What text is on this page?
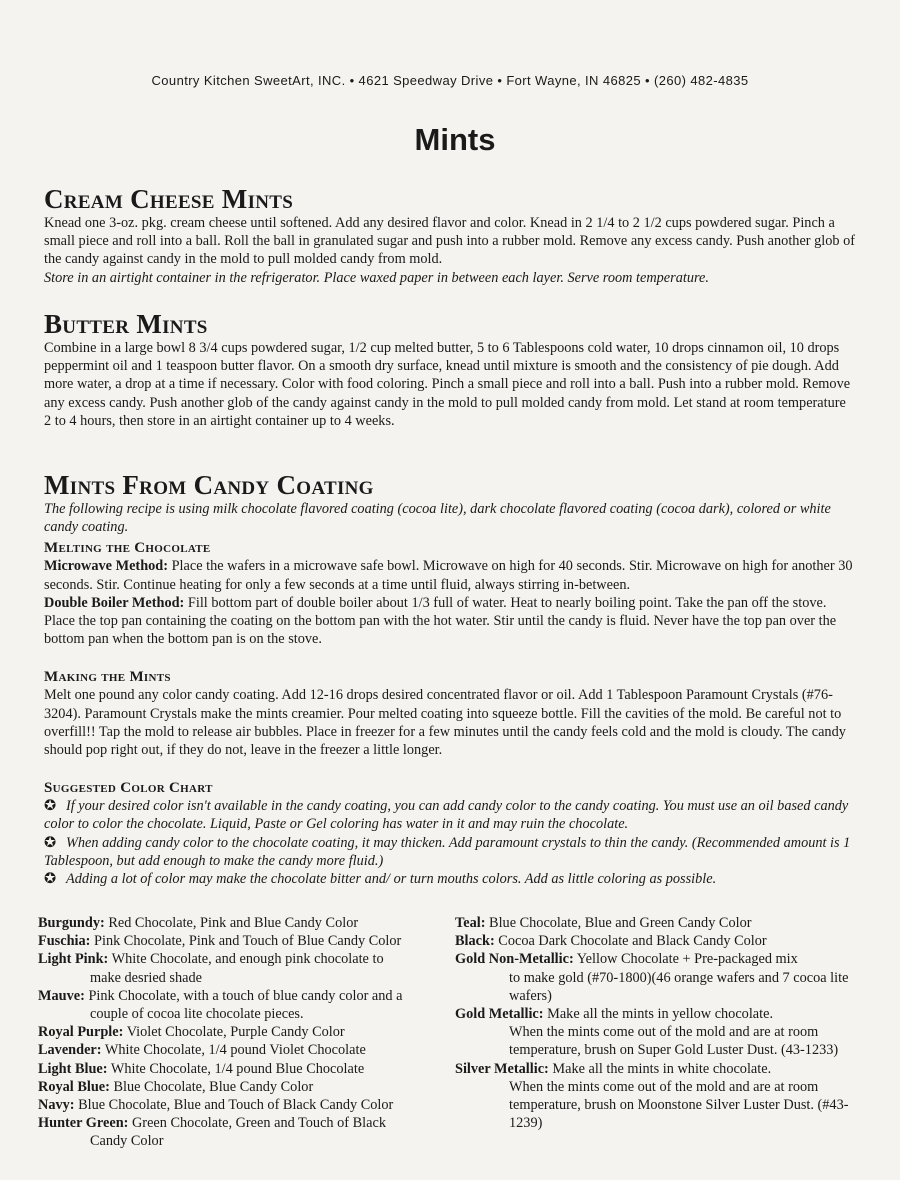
Country Kitchen SweetArt, INC. • 4621 Speedway Drive • Fort Wayne, IN 46825 • (260) 482-4835
Mints
Cream Cheese Mints

Knead one 3-oz. pkg. cream cheese until softened. Add any desired flavor and color. Knead in 2 1/4 to 2 1/2 cups powdered sugar. Pinch a small piece and roll into a ball. Roll the ball in granulated sugar and push into a rubber mold. Remove any excess candy. Push another glob of the candy against candy in the mold to pull molded candy from mold.

Store in an airtight container in the refrigerator. Place waxed paper in between each layer. Serve room temperature.

Butter Mints

Combine in a large bowl 8 3/4 cups powdered sugar, 1/2 cup melted butter, 5 to 6 Tablespoons cold water, 10 drops cinnamon oil, 10 drops peppermint oil and 1 teaspoon butter flavor. On a smooth dry surface, knead until mixture is smooth and the consistency of pie dough. Add more water, a drop at a time if necessary. Color with food coloring. Pinch a small piece and roll into a ball. Push into a rubber mold. Remove any excess candy. Push another glob of the candy against candy in the mold to pull molded candy from mold. Let stand at room temperature 2 to 4 hours, then store in an airtight container up to 4 weeks.

Mints From Candy Coating

The following recipe is using milk chocolate flavored coating (cocoa lite), dark chocolate flavored coating (cocoa dark), colored or white candy coating.

Melting the Chocolate

Microwave Method: Place the wafers in a microwave safe bowl. Microwave on high for 40 seconds. Stir. Microwave on high for another 30 seconds. Stir. Continue heating for only a few seconds at a time until fluid, always stirring in-between.

Double Boiler Method: Fill bottom part of double boiler about 1/3 full of water. Heat to nearly boiling point. Take the pan off the stove. Place the top pan containing the coating on the bottom pan with the hot water. Stir until the candy is fluid. Never have the top pan over the bottom pan when the bottom pan is on the stove.

Making the Mints

Melt one pound any color candy coating. Add 12-16 drops desired concentrated flavor or oil. Add 1 Tablespoon Paramount Crystals (#76-3204). Paramount Crystals make the mints creamier. Pour melted coating into squeeze bottle. Fill the cavities of the mold. Be careful not to overfill!! Tap the mold to release air bubbles. Place in freezer for a few minutes until the candy feels cold and the mold is cloudy. The candy should pop right out, if they do not, leave in the freezer a little longer.

Suggested Color Chart

✪ If your desired color isn't available in the candy coating, you can add candy color to the candy coating. You must use an oil based candy color to color the chocolate. Liquid, Paste or Gel coloring has water in it and may ruin the chocolate.

✪ When adding candy color to the chocolate coating, it may thicken. Add paramount crystals to thin the candy. (Recommended amount is 1 Tablespoon, but add enough to make the candy more fluid.)

✪ Adding a lot of color may make the chocolate bitter and/ or turn mouths colors. Add as little coloring as possible.

Burgundy: Red Chocolate, Pink and Blue Candy Color

Fuschia: Pink Chocolate, Pink and Touch of Blue Candy Color

Light Pink: White Chocolate, and enough pink chocolate to
make desried shade

Mauve: Pink Chocolate, with a touch of blue candy color and a
couple of cocoa lite chocolate pieces.

Royal Purple: Violet Chocolate, Purple Candy Color

Lavender: White Chocolate, 1/4 pound Violet Chocolate

Light Blue: White Chocolate, 1/4 pound Blue Chocolate

Royal Blue: Blue Chocolate, Blue Candy Color

Navy: Blue Chocolate, Blue and Touch of Black Candy Color

Hunter Green: Green Chocolate, Green and Touch of Black
Candy Color

Teal: Blue Chocolate, Blue and Green Candy Color

Black: Cocoa Dark Chocolate and Black Candy Color

Gold Non-Metallic: Yellow Chocolate + Pre-packaged mix
to make gold (#70-1800)(46 orange wafers and 7 cocoa lite wafers)

Gold Metallic: Make all the mints in yellow chocolate.
When the mints come out of the mold and are at room temperature, brush on Super Gold Luster Dust. (43-1233)

Silver Metallic: Make all the mints in white chocolate.
When the mints come out of the mold and are at room temperature, brush on Moonstone Silver Luster Dust. (#43-1239)
